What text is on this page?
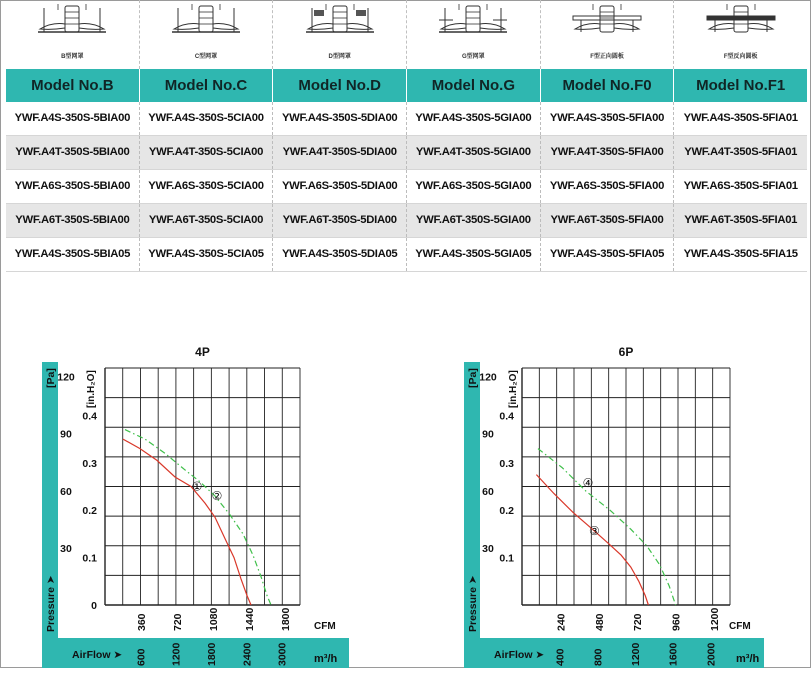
B型网罩	C型网罩	D型网罩	G型网罩	F型正向圆板	F型反向圆板
Model No.B	Model No.C	Model No.D	Model No.G	Model No.F0	Model No.F1
YWF.A4S-350S-5BIA00	YWF.A4S-350S-5CIA00	YWF.A4S-350S-5DIA00	YWF.A4S-350S-5GIA00	YWF.A4S-350S-5FIA00	YWF.A4S-350S-5FIA01
YWF.A4T-350S-5BIA00	YWF.A4T-350S-5CIA00	YWF.A4T-350S-5DIA00	YWF.A4T-350S-5GIA00	YWF.A4T-350S-5FIA00	YWF.A4T-350S-5FIA01
YWF.A6S-350S-5BIA00	YWF.A6S-350S-5CIA00	YWF.A6S-350S-5DIA00	YWF.A6S-350S-5GIA00	YWF.A6S-350S-5FIA00	YWF.A6S-350S-5FIA01
YWF.A6T-350S-5BIA00	YWF.A6T-350S-5CIA00	YWF.A6T-350S-5DIA00	YWF.A6T-350S-5GIA00	YWF.A6T-350S-5FIA00	YWF.A6T-350S-5FIA01
YWF.A4S-350S-5BIA05	YWF.A4S-350S-5CIA05	YWF.A4S-350S-5DIA05	YWF.A4S-350S-5GIA05	YWF.A4S-350S-5FIA05	YWF.A4S-350S-5FIA15
Pressure ➤
[Pa]	[in.H₂O]
4P
0
0.1
0.2
0.3
0.4
30
60
90
120
360 720 1080 1440 1800 CFM
600 1200 1800 2400 3000 m³/h
AirFlow ➤
①
②
Pressure ➤
[Pa]	[in.H₂O]
6P
0.1
0.2
0.3
0.4
30
60
90
120
240	480	720	960	1200 CFM
400 800 1200 1600 2000 m³/h
AirFlow ➤
③
④
